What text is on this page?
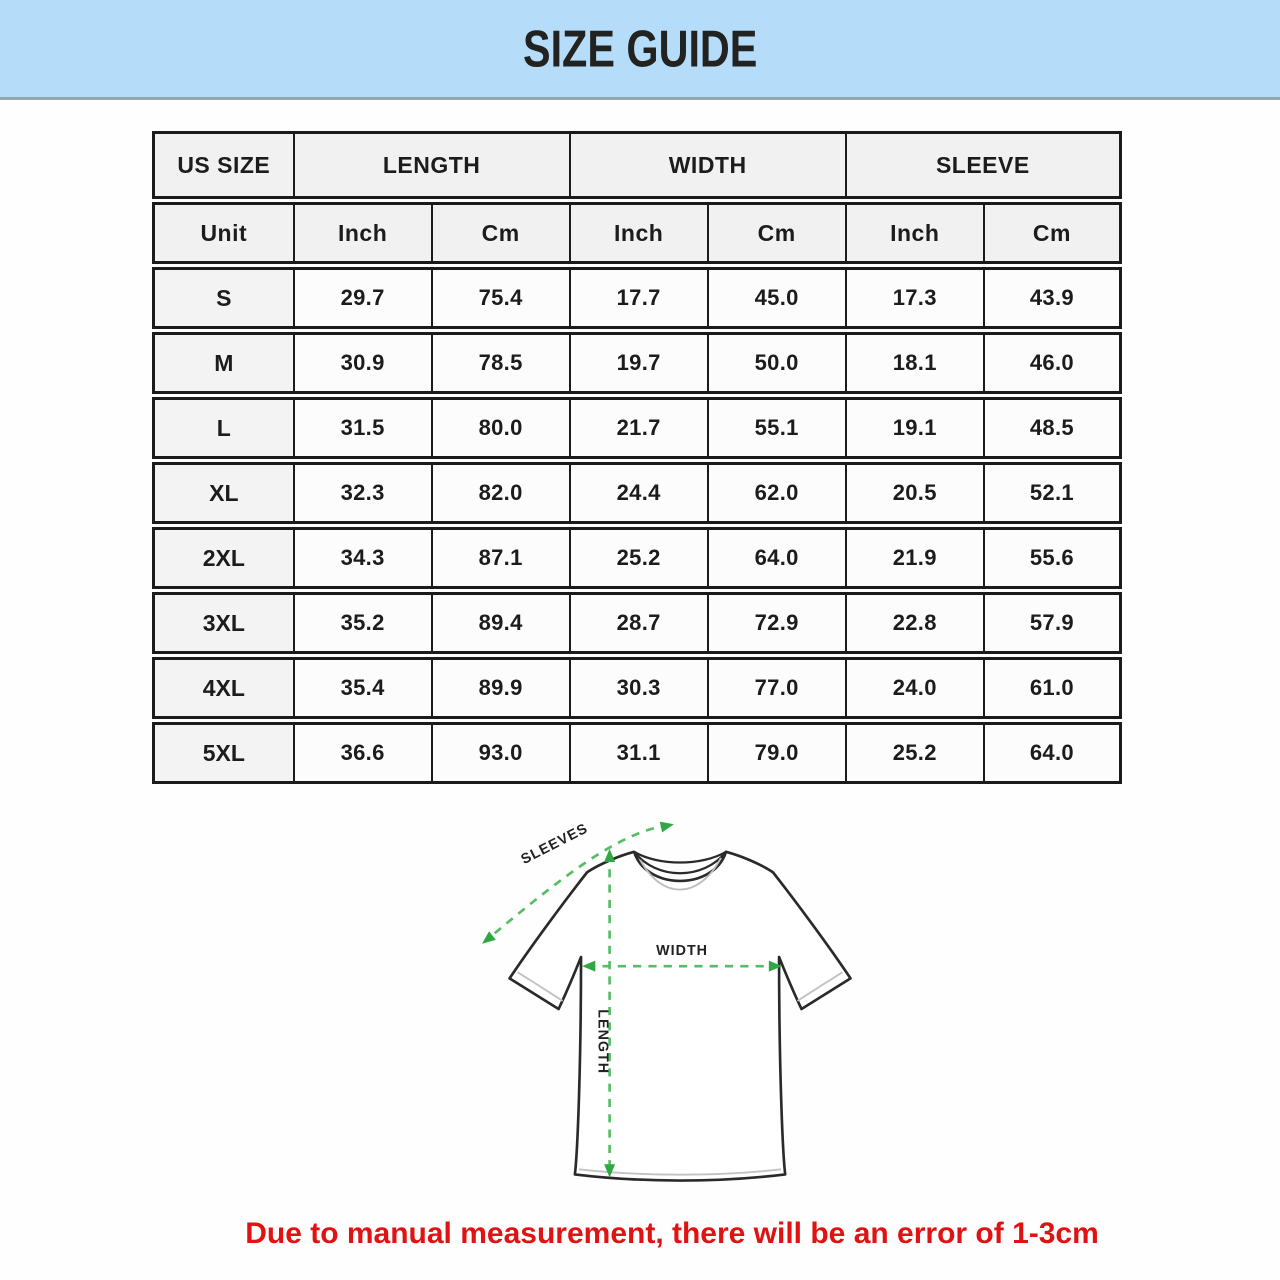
SIZE GUIDE
US SIZE	LENGTH		WIDTH		SLEEVE	
Unit	Inch	Cm	Inch	Cm	Inch	Cm
S	29.7	75.4	17.7	45.0	17.3	43.9
M	30.9	78.5	19.7	50.0	18.1	46.0
L	31.5	80.0	21.7	55.1	19.1	48.5
XL	32.3	82.0	24.4	62.0	20.5	52.1
2XL	34.3	87.1	25.2	64.0	21.9	55.6
3XL	35.2	89.4	28.7	72.9	22.8	57.9
4XL	35.4	89.9	30.3	77.0	24.0	61.0
5XL	36.6	93.0	31.1	79.0	25.2	64.0
SLEEVES
WIDTH
LENGTH

Due to manual measurement, there will be an error of 1-3cm
